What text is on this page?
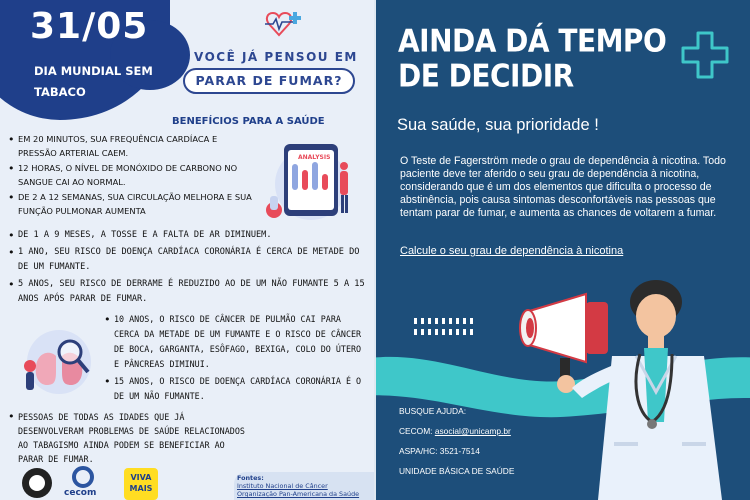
31/05
DIA MUNDIAL SEM
TABACO
VOCÊ JÁ PENSOU EM
PARAR DE FUMAR?
BENEFÍCIOS PARA A SAÚDE
• EM 20 MINUTOS, SUA FREQUÊNCIA CARDÍACA E PRESSÃO ARTERIAL CAEM.
• 12 HORAS, O NÍVEL DE MONÓXIDO DE CARBONO NO SANGUE CAI AO NORMAL.
• DE 2 A 12 SEMANAS, SUA CIRCULAÇÃO MELHORA E SUA FUNÇÃO PULMONAR AUMENTA
ANALYSIS
• DE 1 A 9 MESES, A TOSSE E A FALTA DE AR DIMINUEM.
• 1 ANO, SEU RISCO DE DOENÇA CARDÍACA CORONÁRIA É CERCA DE METADE DO DE UM FUMANTE.
• 5 ANOS, SEU RISCO DE DERRAME É REDUZIDO AO DE UM NÃO FUMANTE 5 A 15 ANOS APÓS PARAR DE FUMAR.
• 10 ANOS, O RISCO DE CÂNCER DE PULMÃO CAI PARA CERCA DA METADE DE UM FUMANTE E O RISCO DE CÂNCER DE BOCA, GARGANTA, ESÔFAGO, BEXIGA, COLO DO ÚTERO E PÂNCREAS DIMINUI.
• 15 ANOS, O RISCO DE DOENÇA CARDÍACA CORONÁRIA É O DE UM NÃO FUMANTE.
• PESSOAS DE TODAS AS IDADES QUE JÁ DESENVOLVERAM PROBLEMAS DE SAÚDE RELACIONADOS AO TABAGISMO AINDA PODEM SE BENEFICIAR AO PARAR DE FUMAR.
cecom
VIVA
MAIS
Fontes:
Instituto Nacional de Câncer
Organização Pan-Americana da Saúde
AINDA DÁ TEMPO DE DECIDIR
Sua saúde, sua prioridade !
O Teste de Fagerström mede o grau de dependência à nicotina. Todo paciente deve ter aferido o seu grau de dependência à nicotina, considerando que é um dos elementos que dificulta o processo de abstinência, pois causa sintomas desconfortáveis nas pessoas que tentam parar de fumar, e aumenta as chances de voltarem a fumar.
Calcule o seu grau de dependência à nicotina
BUSQUE AJUDA:
CECOM: asocial@unicamp.br
ASPA/HC: 3521-7514
UNIDADE BÁSICA DE SAÚDE
